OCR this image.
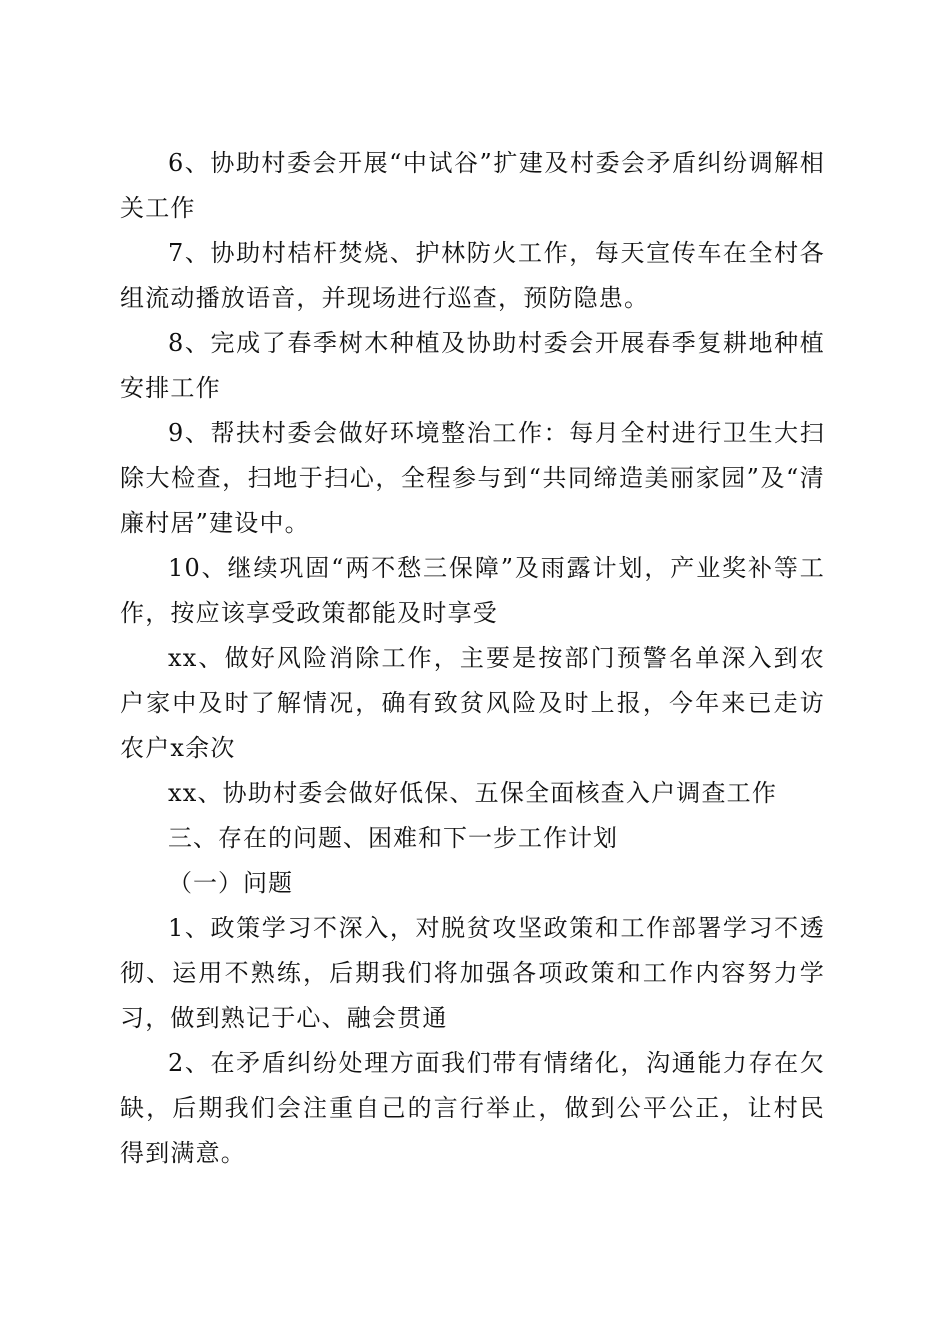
6、协助村委会开展“中试谷”扩建及村委会矛盾纠纷调解相关工作

7、协助村桔杆焚烧、护林防火工作，每天宣传车在全村各组流动播放语音，并现场进行巡查，预防隐患。

8、完成了春季树木种植及协助村委会开展春季复耕地种植安排工作

9、帮扶村委会做好环境整治工作：每月全村进行卫生大扫除大检查，扫地于扫心，全程参与到“共同缔造美丽家园”及“清廉村居”建设中。

10、继续巩固“两不愁三保障”及雨露计划，产业奖补等工作，按应该享受政策都能及时享受

xx、做好风险消除工作，主要是按部门预警名单深入到农户家中及时了解情况，确有致贫风险及时上报，今年来已走访农户x余次

xx、协助村委会做好低保、五保全面核查入户调查工作

三、存在的问题、困难和下一步工作计划

（一）问题

1、政策学习不深入，对脱贫攻坚政策和工作部署学习不透彻、运用不熟练，后期我们将加强各项政策和工作内容努力学习，做到熟记于心、融会贯通

2、在矛盾纠纷处理方面我们带有情绪化，沟通能力存在欠缺，后期我们会注重自己的言行举止，做到公平公正，让村民得到满意。
